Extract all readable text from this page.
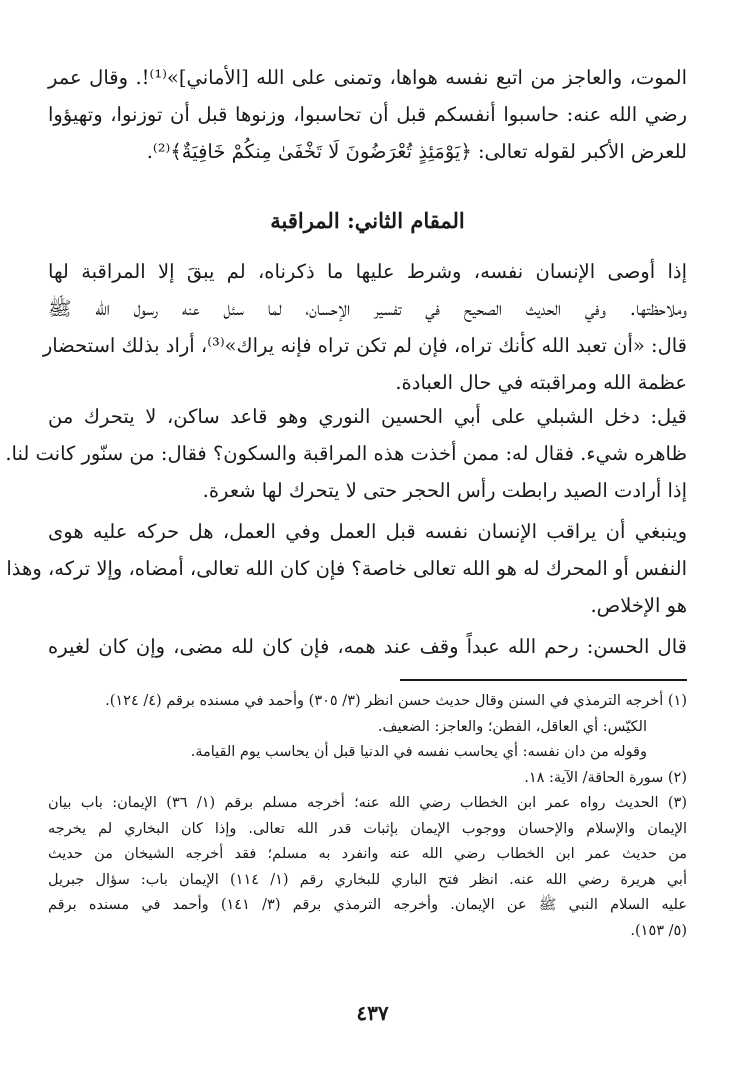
الموت، والعاجز من اتبع نفسه هواها، وتمنى على الله [الأماني]»⁽¹⁾!. وقال عمر
رضي الله عنه: حاسبوا أنفسكم قبل أن تحاسبوا، وزنوها قبل أن توزنوا، وتهيؤوا
للعرض الأكبر لقوله تعالى: ﴿يَوْمَئِذٍ تُعْرَضُونَ لَا تَخْفَىٰ مِنكُمْ خَافِيَةٌ﴾⁽²⁾.
المقام الثاني: المراقبة
إذا أوصى الإنسان نفسه، وشرط عليها ما ذكرناه، لم يبقَ إلا المراقبة لها
وملاحظتها. وفي الحديث الصحيح في تفسير الإحسان، لما سئل عنه رسول الله ﷺ
قال: «أن تعبد الله كأنك تراه، فإن لم تكن تراه فإنه يراك»⁽³⁾، أراد بذلك استحضار
عظمة الله ومراقبته في حال العبادة.
قيل: دخل الشبلي على أبي الحسين النوري وهو قاعد ساكن، لا يتحرك من
ظاهره شيء. فقال له: ممن أخذت هذه المراقبة والسكون؟ فقال: من سنّور كانت لنا.
إذا أرادت الصيد رابطت رأس الحجر حتى لا يتحرك لها شعرة.
وينبغي أن يراقب الإنسان نفسه قبل العمل وفي العمل، هل حركه عليه هوى
النفس أو المحرك له هو الله تعالى خاصة؟ فإن كان الله تعالى، أمضاه، وإلا تركه، وهذا
هو الإخلاص.
قال الحسن: رحم الله عبداً وقف عند همه، فإن كان لله مضى، وإن كان لغيره
(١) أخرجه الترمذي في السنن وقال حديث حسن انظر (٣/ ٣٠٥) وأحمد في مسنده برقم (٤/ ١٢٤).
الكيّس: أي العاقل، الفطن؛ والعاجز: الضعيف.
وقوله من دان نفسه: أي يحاسب نفسه في الدنيا قبل أن يحاسب يوم القيامة.
(٢) سورة الحاقة/ الآية: ١٨.
(٣) الحديث رواه عمر ابن الخطاب رضي الله عنه؛ أخرجه مسلم برقم (١/ ٣٦) الإيمان: باب بيان
الإيمان والإسلام والإحسان ووجوب الإيمان بإثبات قدر الله تعالى. وإذا كان البخاري لم يخرجه
من حديث عمر ابن الخطاب رضي الله عنه وانفرد به مسلم؛ فقد أخرجه الشيخان من حديث
أبي هريرة رضي الله عنه. انظر فتح الباري للبخاري رقم (١/ ١١٤) الإيمان باب: سؤال جبريل
عليه السلام النبي ﷺ عن الإيمان. وأخرجه الترمذي برقم (٣/ ١٤١) وأحمد في مسنده برقم
(٥/ ١٥٣).
٤٣٧
